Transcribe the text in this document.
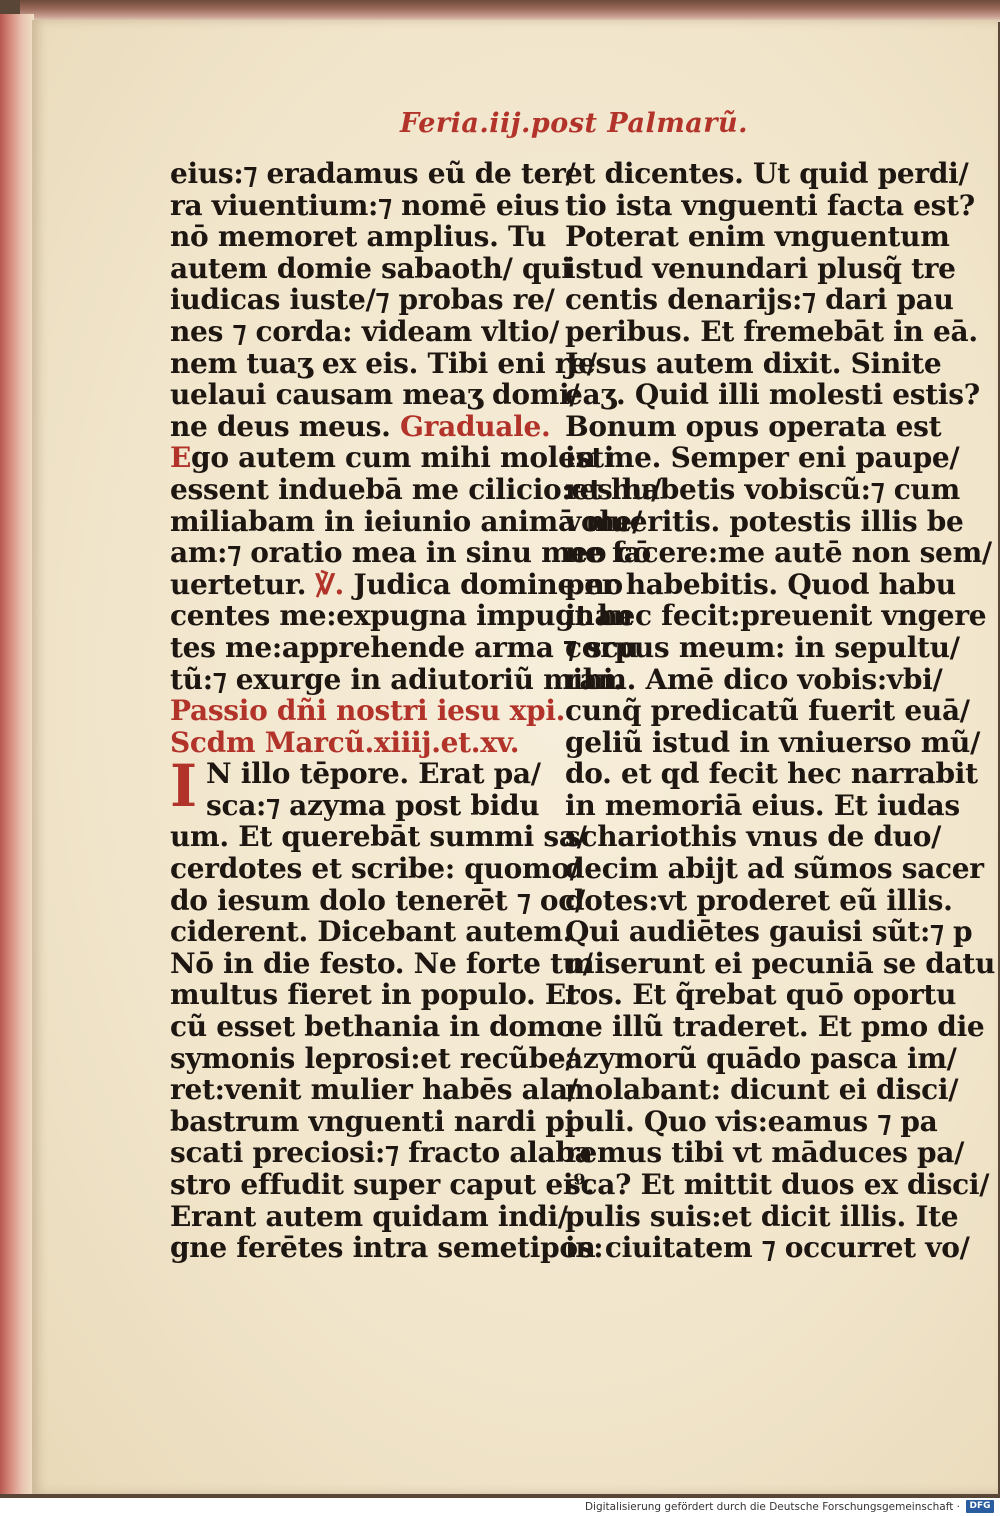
Feria.iij.post Palmarũ.
eius:⁊ eradamus eũ de ter/
ra viuentium:⁊ nomē eius
nō memoret amplius. Tu
autem domie sabaoth/ qui
iudicas iuste/⁊ probas re/
nes ⁊ corda: videam vltio/
nem tuaʒ ex eis. Tibi eni re/
uelaui causam meaʒ domi/
ne deus meus. Graduale.
Ego autem cum mihi molesti
essent induebā me cilicio:et hu/
miliabam in ieiunio animā me/
am:⁊ oratio mea in sinu meo cō
uertetur. ℣. Judica domine no
centes me:expugna impugnan
tes me:apprehende arma ⁊ scu
tũ:⁊ exurge in adiutoriũ mihi.
Passio dñi nostri iesu xpi.
Scdm Marcũ.xiiij.et.xv.
I N illo tēpore. Erat pa/
sca:⁊ azyma post bidu
um. Et querebāt summi sa/
cerdotes et scribe: quomo/
do iesum dolo tenerēt ⁊ oc/
ciderent. Dicebant autem.
Nō in die festo. Ne forte tu/
multus fieret in populo. Et
cũ esset bethania in domo
symonis leprosi:et recũbe/
ret:venit mulier habēs ala/
bastrum vnguenti nardi pi
scati preciosi:⁊ fracto alaba
stro effudit super caput ei⁹.
Erant autem quidam indi/
gne ferētes intra semetipos:
et dicentes. Ut quid perdi/
tio ista vnguenti facta est?
Poterat enim vnguentum
istud venundari plusq̃ tre
centis denarijs:⁊ dari pau
peribus. Et fremebāt in eā.
Jesus autem dixit. Sinite
eaʒ. Quid illi molesti estis?
Bonum opus operata est
in me. Semper eni paupe/
res habetis vobiscũ:⁊ cum
volueritis. potestis illis be
ne facere:me autē non sem/
per habebitis. Quod habu
it hec fecit:preuenit vngere
corpus meum: in sepultu/
ram. Amē dico vobis:vbi/
cunq̃ predicatũ fuerit euā/
geliũ istud in vniuerso mũ/
do. et qd fecit hec narrabit
in memoriā eius. Et iudas
schariothis vnus de duo/
decim abijt ad sũmos sacer
dotes:vt proderet eũ illis.
Qui audiētes gauisi sũt:⁊ p
miserunt ei pecuniā se datu
ros. Et q̃rebat quō oportu
ne illũ traderet. Et pmo die
azymorũ quādo pasca im/
molabant: dicunt ei disci/
puli. Quo vis:eamus ⁊ pa
remus tibi vt māduces pa/
sca? Et mittit duos ex disci/
pulis suis:et dicit illis. Ite
in ciuitatem ⁊ occurret vo/
Digitalisierung gefördert durch die Deutsche Forschungsgemeinschaft ·	DFG
